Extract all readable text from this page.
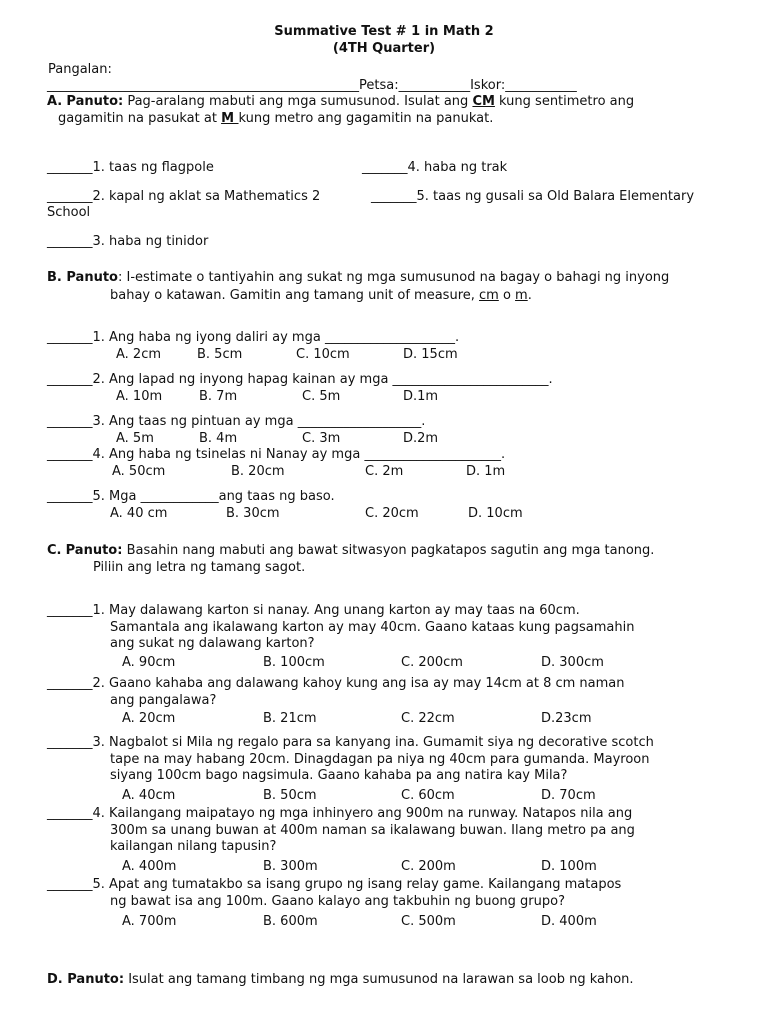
Summative Test # 1 in Math 2
(4TH Quarter)
Pangalan:
________________________________________________Petsa:___________Iskor:___________
A. Panuto: Pag-aralang mabuti ang mga sumusunod. Isulat ang CM kung sentimetro ang
gagamitin na pasukat at M kung metro ang gagamitin na panukat.
_______1. taas ng flagpole	_______4. haba ng trak
_______2. kapal ng aklat sa Mathematics 2	_______5. taas ng gusali sa Old Balara Elementary
School
_______3. haba ng tinidor
B. Panuto: I-estimate o tantiyahin ang sukat ng mga sumusunod na bagay o bahagi ng inyong
bahay o katawan. Gamitin ang tamang unit of measure, cm o m.
_______1. Ang haba ng iyong daliri ay mga ____________________.
A. 2cm	B. 5cm	C. 10cm	D. 15cm
_______2. Ang lapad ng inyong hapag kainan ay mga ________________________.
A. 10m	B. 7m	C. 5m	D.1m
_______3. Ang taas ng pintuan ay mga ___________________.
A. 5m	B. 4m	C. 3m	D.2m
_______4. Ang haba ng tsinelas ni Nanay ay mga _____________________.
A. 50cm	B. 20cm	C. 2m	D. 1m
_______5. Mga ____________ang taas ng baso.
A. 40 cm	B. 30cm	C. 20cm	D. 10cm
C. Panuto: Basahin nang mabuti ang bawat sitwasyon pagkatapos sagutin ang mga tanong.
Piliin ang letra ng tamang sagot.
_______1. May dalawang karton si nanay. Ang unang karton ay may taas na 60cm.
Samantala ang ikalawang karton ay may 40cm. Gaano kataas kung pagsamahin
ang sukat ng dalawang karton?
A. 90cm	B. 100cm	C. 200cm	D. 300cm
_______2. Gaano kahaba ang dalawang kahoy kung ang isa ay may 14cm at 8 cm naman
ang pangalawa?
A. 20cm	B. 21cm	C. 22cm	D.23cm
_______3. Nagbalot si Mila ng regalo para sa kanyang ina. Gumamit siya ng decorative scotch
tape na may habang 20cm. Dinagdagan pa niya ng 40cm para gumanda. Mayroon
siyang 100cm bago nagsimula. Gaano kahaba pa ang natira kay Mila?
A. 40cm	B. 50cm	C. 60cm	D. 70cm
_______4. Kailangang maipatayo ng mga inhinyero ang 900m na runway. Natapos nila ang
300m sa unang buwan at 400m naman sa ikalawang buwan. Ilang metro pa ang
kailangan nilang tapusin?
A. 400m	B. 300m	C. 200m	D. 100m
_______5. Apat ang tumatakbo sa isang grupo ng isang relay game. Kailangang matapos
ng bawat isa ang 100m. Gaano kalayo ang takbuhin ng buong grupo?
A. 700m	B. 600m	C. 500m	D. 400m
D. Panuto: Isulat ang tamang timbang ng mga sumusunod na larawan sa loob ng kahon.
